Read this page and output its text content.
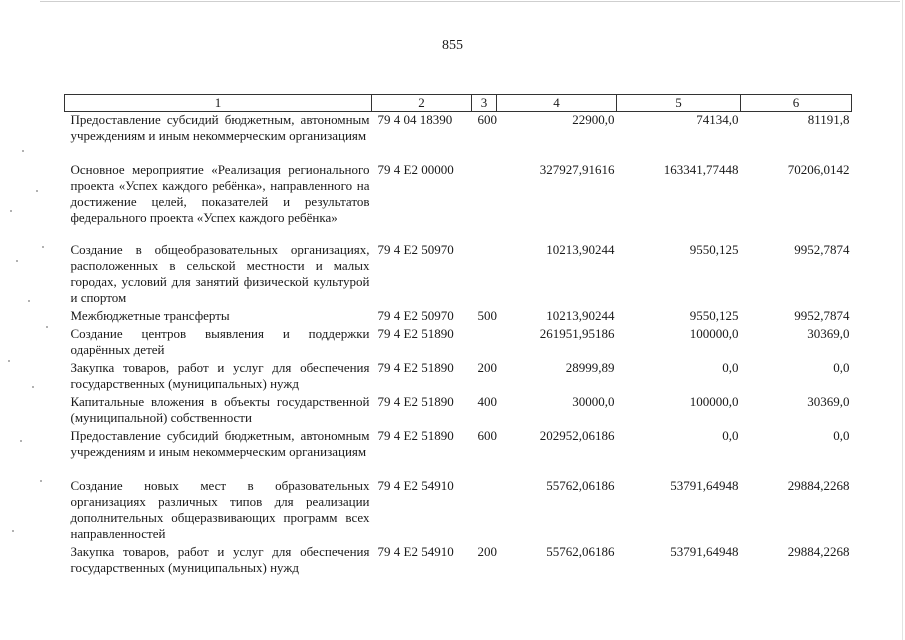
855
1	2	3	4	5	6
Предоставление субсидий бюджетным, автономным учреждениям и иным некоммерческим организациям	79 4 04 18390	600	22900,0	74134,0	81191,8
Основное мероприятие «Реализация регионального проекта «Успех каждого ребёнка», направленного на достижение целей, показателей и результатов федерального проекта «Успех каждого ребёнка»	79 4 E2 00000		327927,91616	163341,77448	70206,0142
Создание в общеобразовательных организациях, расположенных в сельской местности и малых городах, условий для занятий физической культурой и спортом	79 4 E2 50970		10213,90244	9550,125	9952,7874
Межбюджетные трансферты	79 4 E2 50970	500	10213,90244	9550,125	9952,7874
Создание центров выявления и поддержки одарённых детей	79 4 E2 51890		261951,95186	100000,0	30369,0
Закупка товаров, работ и услуг для обеспечения государственных (муниципальных) нужд	79 4 E2 51890	200	28999,89	0,0	0,0
Капитальные вложения в объекты государственной (муниципальной) собственности	79 4 E2 51890	400	30000,0	100000,0	30369,0
Предоставление субсидий бюджетным, автономным учреждениям и иным некоммерческим организациям	79 4 E2 51890	600	202952,06186	0,0	0,0
Создание новых мест в образовательных организациях различных типов для реализации дополнительных общеразвивающих программ всех направленностей	79 4 E2 54910		55762,06186	53791,64948	29884,2268
Закупка товаров, работ и услуг для обеспечения государственных (муниципальных) нужд	79 4 E2 54910	200	55762,06186	53791,64948	29884,2268
